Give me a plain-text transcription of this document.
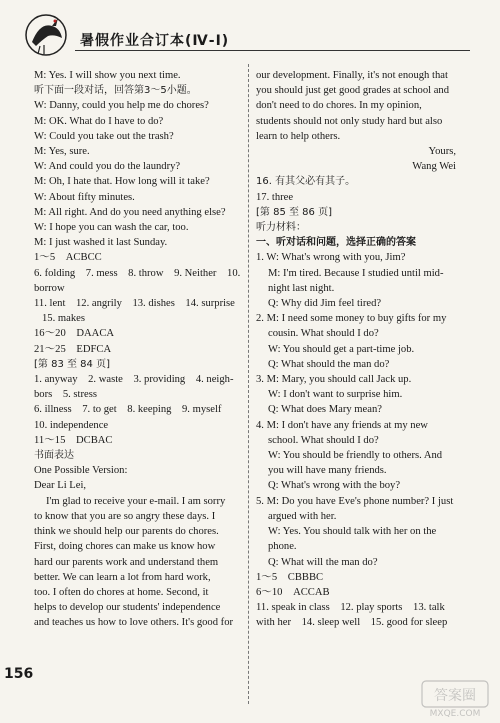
暑假作业合订本(Ⅳ-Ⅰ)
M: Yes. I will show you next time.
听下面一段对话，回答第3～5小题。
W: Danny, could you help me do chores?
M: OK. What do I have to do?
W: Could you take out the trash?
M: Yes, sure.
W: And could you do the laundry?
M: Oh, I hate that. How long will it take?
W: About fifty minutes.
M: All right. And do you need anything else?
W: I hope you can wash the car, too.
M: I just washed it last Sunday.
1～5　ACBCC
6. folding　7. mess　8. throw　9. Neither　10.
borrow
11. lent　12. angrily　13. dishes　14. surprise
15. makes
16～20　DAACA
21～25　EDFCA
[第 83 至 84 页]
1. anyway　2. waste　3. providing　4. neigh-
bors　5. stress
6. illness　7. to get　8. keeping　9. myself
10. independence
11～15　DCBAC
书面表达
One Possible Version:
Dear Li Lei,
I'm glad to receive your e-mail. I am sorry
to know that you are so angry these days. I
think we should help our parents do chores.
First, doing chores can make us know how
hard our parents work and understand them
better. We can learn a lot from hard work,
too. I often do chores at home. Second, it
helps to develop our students' independence
and teaches us how to love others. It's good for
our development. Finally, it's not enough that
you should just get good grades at school and
don't need to do chores. In my opinion,
students should not only study hard but also
learn to help others.
Yours,
Wang Wei
16. 有其父必有其子。
17. three
[第 85 至 86 页]
听力材料：
一、听对话和问题，选择正确的答案
1. W: What's wrong with you, Jim?
M: I'm tired. Because I studied until mid-
night last night.
Q: Why did Jim feel tired?
2. M: I need some money to buy gifts for my
cousin. What should I do?
W: You should get a part-time job.
Q: What should the man do?
3. M: Mary, you should call Jack up.
W: I don't want to surprise him.
Q: What does Mary mean?
4. M: I don't have any friends at my new
school. What should I do?
W: You should be friendly to others. And
you will have many friends.
Q: What's wrong with the boy?
5. M: Do you have Eve's phone number? I just
argued with her.
W: Yes. You should talk with her on the
phone.
Q: What will the man do?
1～5　CBBBC
6～10　ACCAB
11. speak in class　12. play sports　13. talk
with her　14. sleep well　15. good for sleep
156
答案圈
MXQE.COM
